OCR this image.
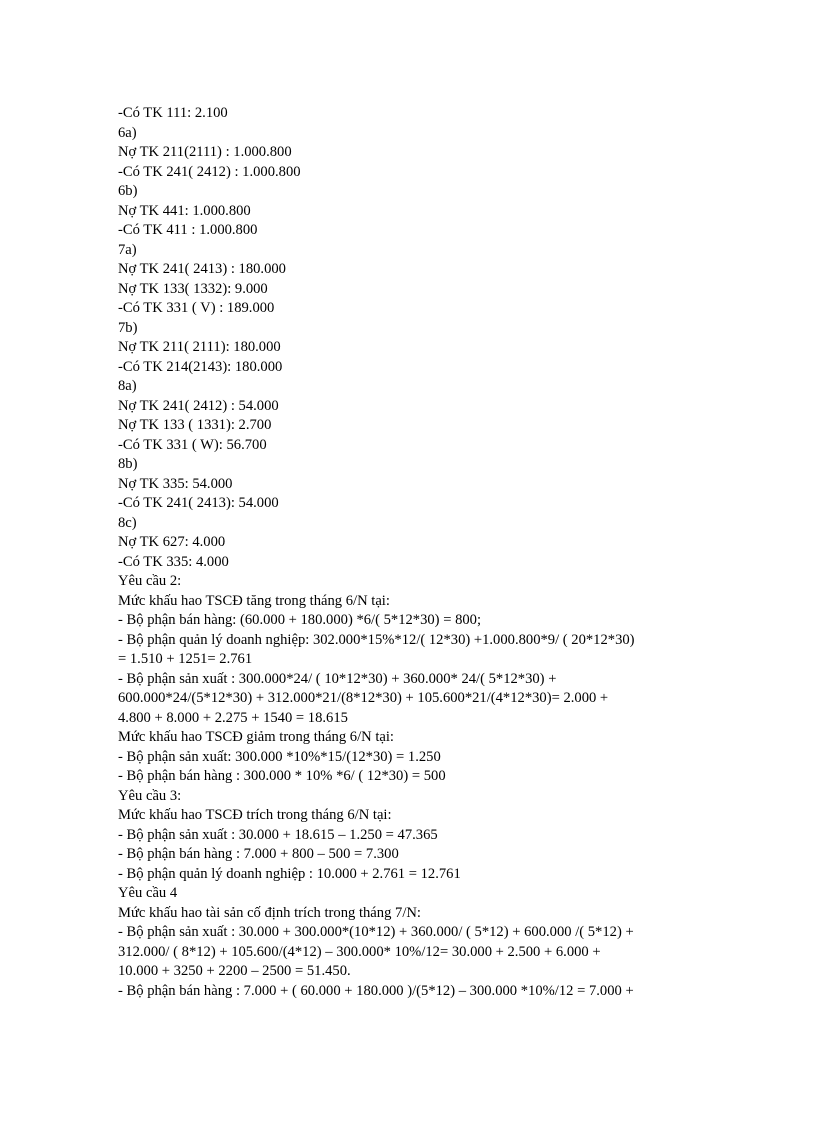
-Có TK 111: 2.100
6a)
Nợ TK 211(2111) : 1.000.800
-Có TK 241( 2412) : 1.000.800
6b)
Nợ TK 441: 1.000.800
-Có TK 411 : 1.000.800
7a)
Nợ TK 241( 2413) : 180.000
Nợ TK 133( 1332): 9.000
-Có TK 331 ( V) : 189.000
7b)
Nợ TK 211( 2111): 180.000
-Có TK 214(2143): 180.000
8a)
Nợ TK 241( 2412) : 54.000
Nợ TK 133 ( 1331): 2.700
-Có TK 331 ( W): 56.700
8b)
Nợ TK 335: 54.000
-Có TK 241( 2413): 54.000
8c)
Nợ TK 627: 4.000
-Có TK 335: 4.000
Yêu cầu 2:
Mức khấu hao TSCĐ tăng trong tháng 6/N tại:
- Bộ phận bán hàng: (60.000 + 180.000) *6/( 5*12*30) = 800;
- Bộ phận quản lý doanh nghiệp: 302.000*15%*12/( 12*30) +1.000.800*9/ ( 20*12*30)
= 1.510 + 1251= 2.761
- Bộ phận sản xuất : 300.000*24/ ( 10*12*30) + 360.000* 24/( 5*12*30) +
600.000*24/(5*12*30) + 312.000*21/(8*12*30) + 105.600*21/(4*12*30)= 2.000 +
4.800 + 8.000 + 2.275 + 1540 = 18.615
Mức khấu hao TSCĐ giảm trong tháng 6/N tại:
- Bộ phận sản xuất: 300.000 *10%*15/(12*30) = 1.250
- Bộ phận bán hàng : 300.000 * 10% *6/ ( 12*30) = 500
Yêu cầu 3:
Mức khấu hao TSCĐ trích trong tháng 6/N tại:
- Bộ phận sản xuất : 30.000 + 18.615 – 1.250 = 47.365
- Bộ phận bán hàng : 7.000 + 800 – 500 = 7.300
- Bộ phận quản lý doanh nghiệp : 10.000 + 2.761 = 12.761
Yêu cầu 4
Mức khấu hao tài sản cố định trích trong tháng 7/N:
- Bộ phận sản xuất : 30.000 + 300.000*(10*12) + 360.000/ ( 5*12) + 600.000 /( 5*12) +
312.000/ ( 8*12) + 105.600/(4*12) – 300.000* 10%/12= 30.000 + 2.500 + 6.000 +
10.000 + 3250 + 2200 – 2500 = 51.450.
- Bộ phận bán hàng : 7.000 + ( 60.000 + 180.000 )/(5*12) – 300.000 *10%/12 = 7.000 +
